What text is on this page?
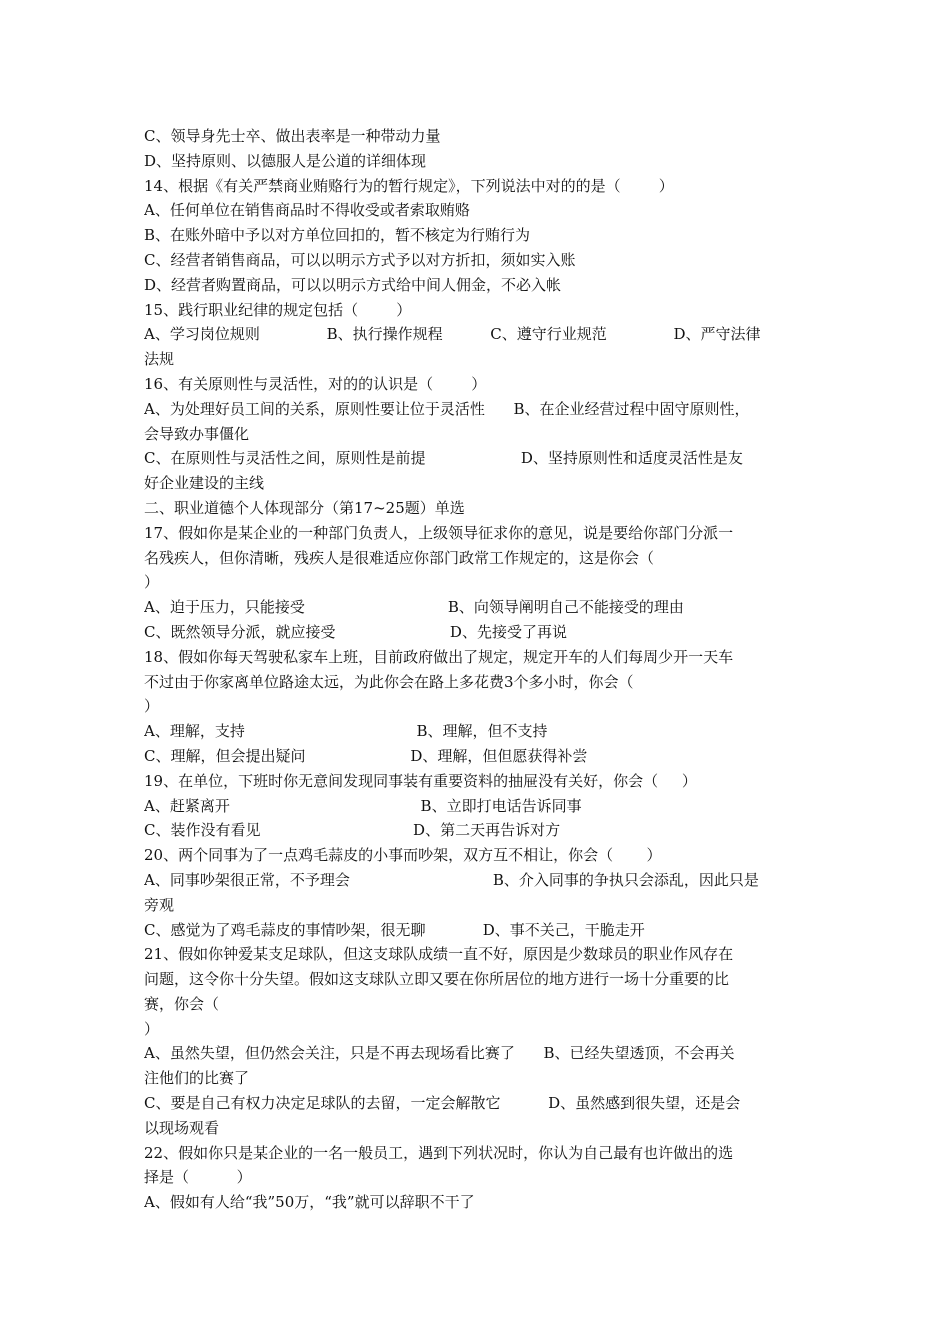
C、领导身先士卒、做出表率是一种带动力量
D、坚持原则、以德服人是公道的详细体现
14、根据《有关严禁商业贿赂行为的暂行规定》，下列说法中对的的是（        ）
A、任何单位在销售商品时不得收受或者索取贿赂
B、在账外暗中予以对方单位回扣的，暂不核定为行贿行为
C、经营者销售商品，可以以明示方式予以对方折扣，须如实入账
D、经营者购置商品，可以以明示方式给中间人佣金，不必入帐
15、践行职业纪律的规定包括（        ）
A、学习岗位规则              B、执行操作规程          C、遵守行业规范              D、严守法律
法规
16、有关原则性与灵活性，对的的认识是（        ）
A、为处理好员工间的关系，原则性要让位于灵活性      B、在企业经营过程中固守原则性，
会导致办事僵化
C、在原则性与灵活性之间，原则性是前提                    D、坚持原则性和适度灵活性是友
好企业建设的主线
二、职业道德个人体现部分（第17~25题）单选
17、假如你是某企业的一种部门负责人，上级领导征求你的意见，说是要给你部门分派一
名残疾人，但你清晰，残疾人是很难适应你部门政常工作规定的，这是你会（
）
A、迫于压力，只能接受                              B、向领导阐明自己不能接受的理由
C、既然领导分派，就应接受                        D、先接受了再说
18、假如你每天驾驶私家车上班，目前政府做出了规定，规定开车的人们每周少开一天车
不过由于你家离单位路途太远，为此你会在路上多花费3个多小时，你会（
）
A、理解，支持                                    B、理解，但不支持
C、理解，但会提出疑问                      D、理解，但但愿获得补尝
19、在单位，下班时你无意间发现同事装有重要资料的抽屉没有关好，你会（     ）
A、赶紧离开                                        B、立即打电话告诉同事
C、装作没有看见                                D、第二天再告诉对方
20、两个同事为了一点鸡毛蒜皮的小事而吵架，双方互不相让，你会（       ）
A、同事吵架很正常，不予理会                              B、介入同事的争执只会添乱，因此只是
旁观
C、感觉为了鸡毛蒜皮的事情吵架，很无聊            D、事不关己，干脆走开
21、假如你钟爱某支足球队，但这支球队成绩一直不好，原因是少数球员的职业作风存在
问题，这令你十分失望。假如这支球队立即又要在你所居位的地方进行一场十分重要的比
赛，你会（
）
A、虽然失望，但仍然会关注，只是不再去现场看比赛了      B、已经失望透顶，不会再关
注他们的比赛了
C、要是自己有权力决定足球队的去留，一定会解散它          D、虽然感到很失望，还是会
以现场观看
22、假如你只是某企业的一名一般员工，遇到下列状况时，你认为自己最有也许做出的选
择是（          ）
A、假如有人给“我”50万，“我”就可以辞职不干了
